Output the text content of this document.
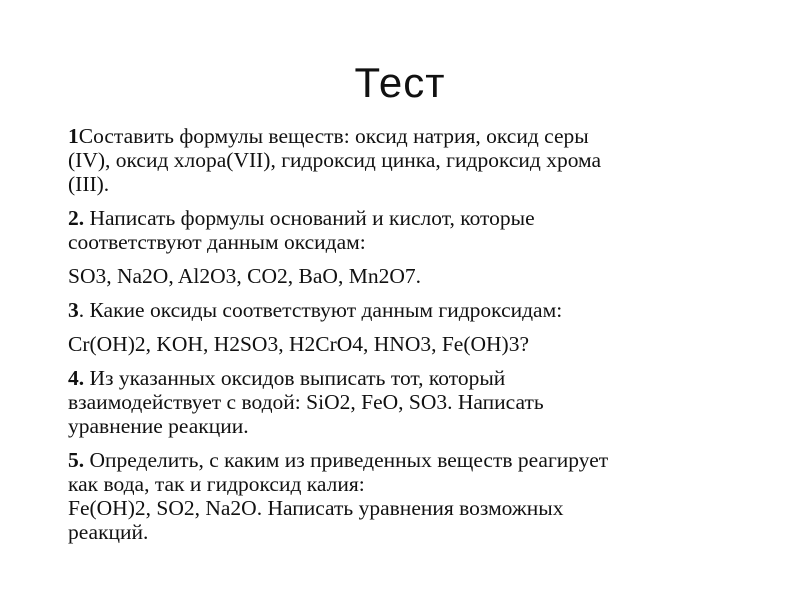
Тест

1Составить формулы веществ: оксид натрия, оксид серы
(IV), оксид хлора(VII), гидроксид цинка, гидроксид хрома
(III).

2. Написать формулы оснований и кислот, которые
соответствуют данным оксидам:

SO3, Na2O, Al2O3, CO2, BaO, Mn2O7.

3. Какие оксиды соответствуют данным гидроксидам:

Cr(OH)2, KOH, H2SO3, H2CrO4, HNO3, Fe(OH)3?

4. Из указанных оксидов выписать тот, который
взаимодействует с водой: SiO2, FeO, SO3. Написать
уравнение реакции.

5. Определить, с каким из приведенных веществ реагирует
как вода, так и гидроксид калия:
Fe(OH)2, SO2, Na2O. Написать уравнения возможных
реакций.
